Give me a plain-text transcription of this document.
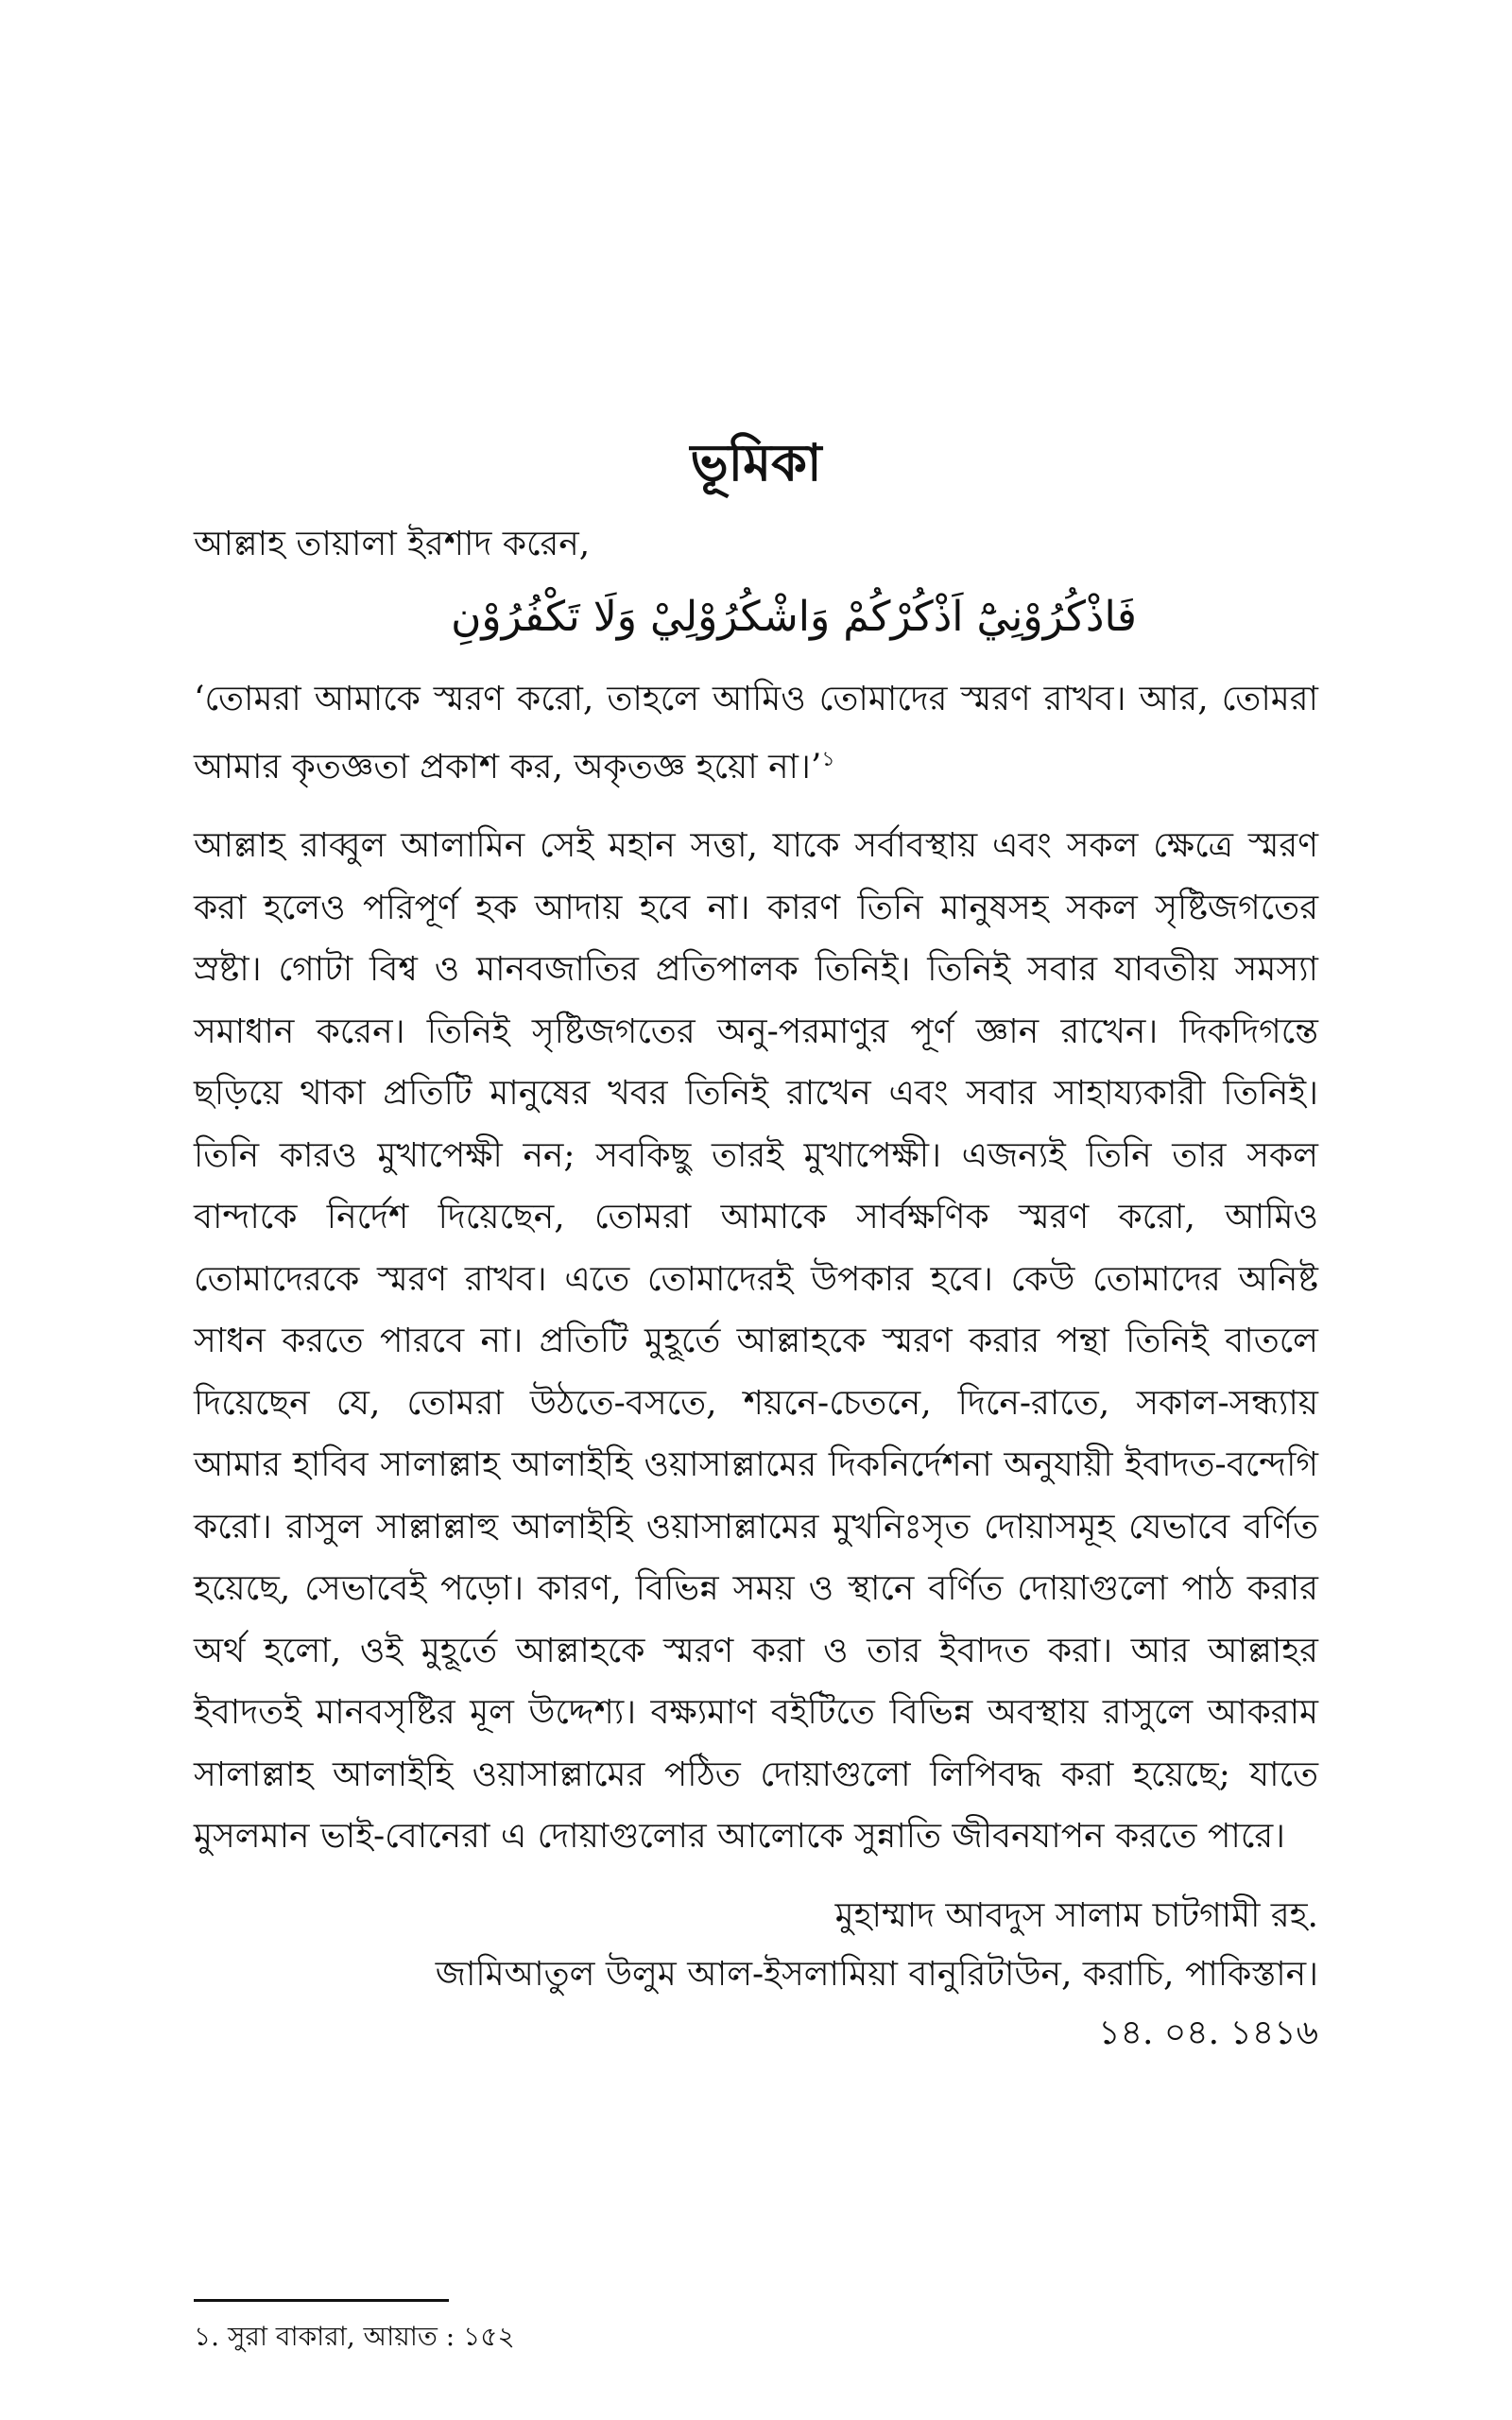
ভূমিকা

আল্লাহ তায়ালা ইরশাদ করেন,

فَاذْكُرُوْنِيْٓ اَذْكُرْكُمْ وَاشْكُرُوْلِيْ وَلَا تَكْفُرُوْنِ

‘তোমরা আমাকে স্মরণ করো, তাহলে আমিও তোমাদের স্মরণ রাখব। আর, তোমরা আমার কৃতজ্ঞতা প্রকাশ কর, অকৃতজ্ঞ হয়ো না।’$^১$

আল্লাহ রাব্বুল আলামিন সেই মহান সত্তা, যাকে সর্বাবস্থায় এবং সকল ক্ষেত্রে স্মরণ করা হলেও পরিপূর্ণ হক আদায় হবে না। কারণ তিনি মানুষসহ সকল সৃষ্টিজগতের স্রষ্টা। গোটা বিশ্ব ও মানবজাতির প্রতিপালক তিনিই। তিনিই সবার যাবতীয় সমস্যা সমাধান করেন। তিনিই সৃষ্টিজগতের অনু-পরমাণুর পূর্ণ জ্ঞান রাখেন। দিকদিগন্তে ছড়িয়ে থাকা প্রতিটি মানুষের খবর তিনিই রাখেন এবং সবার সাহায্যকারী তিনিই। তিনি কারও মুখাপেক্ষী নন; সবকিছু তারই মুখাপেক্ষী। এজন্যই তিনি তার সকল বান্দাকে নির্দেশ দিয়েছেন, তোমরা আমাকে সার্বক্ষণিক স্মরণ করো, আমিও তোমাদেরকে স্মরণ রাখব। এতে তোমাদেরই উপকার হবে। কেউ তোমাদের অনিষ্ট সাধন করতে পারবে না। প্রতিটি মুহূর্তে আল্লাহকে স্মরণ করার পন্থা তিনিই বাতলে দিয়েছেন যে, তোমরা উঠতে-বসতে, শয়নে-চেতনে, দিনে-রাতে, সকাল-সন্ধ্যায় আমার হাবিব সালাল্লাহ আলাইহি ওয়াসাল্লামের দিকনির্দেশনা অনুযায়ী ইবাদত-বন্দেগি করো। রাসুল সাল্লাল্লাহু আলাইহি ওয়াসাল্লামের মুখনিঃসৃত দোয়াসমূহ যেভাবে বর্ণিত হয়েছে, সেভাবেই পড়ো। কারণ, বিভিন্ন সময় ও স্থানে বর্ণিত দোয়াগুলো পাঠ করার অর্থ হলো, ওই মুহূর্তে আল্লাহকে স্মরণ করা ও তার ইবাদত করা। আর আল্লাহর ইবাদতই মানবসৃষ্টির মূল উদ্দেশ্য। বক্ষ্যমাণ বইটিতে বিভিন্ন অবস্থায় রাসুলে আকরাম সালাল্লাহ আলাইহি ওয়াসাল্লামের পঠিত দোয়াগুলো লিপিবদ্ধ করা হয়েছে; যাতে মুসলমান ভাই-বোনেরা এ দোয়াগুলোর আলোকে সুন্নাতি জীবনযাপন করতে পারে।

মুহাম্মাদ আবদুস সালাম চাটগামী রহ.
জামিআতুল উলুম আল-ইসলামিয়া বানুরিটাউন, করাচি, পাকিস্তান।
১৪. ০৪. ১৪১৬
১. সুরা বাকারা, আয়াত : ১৫২
